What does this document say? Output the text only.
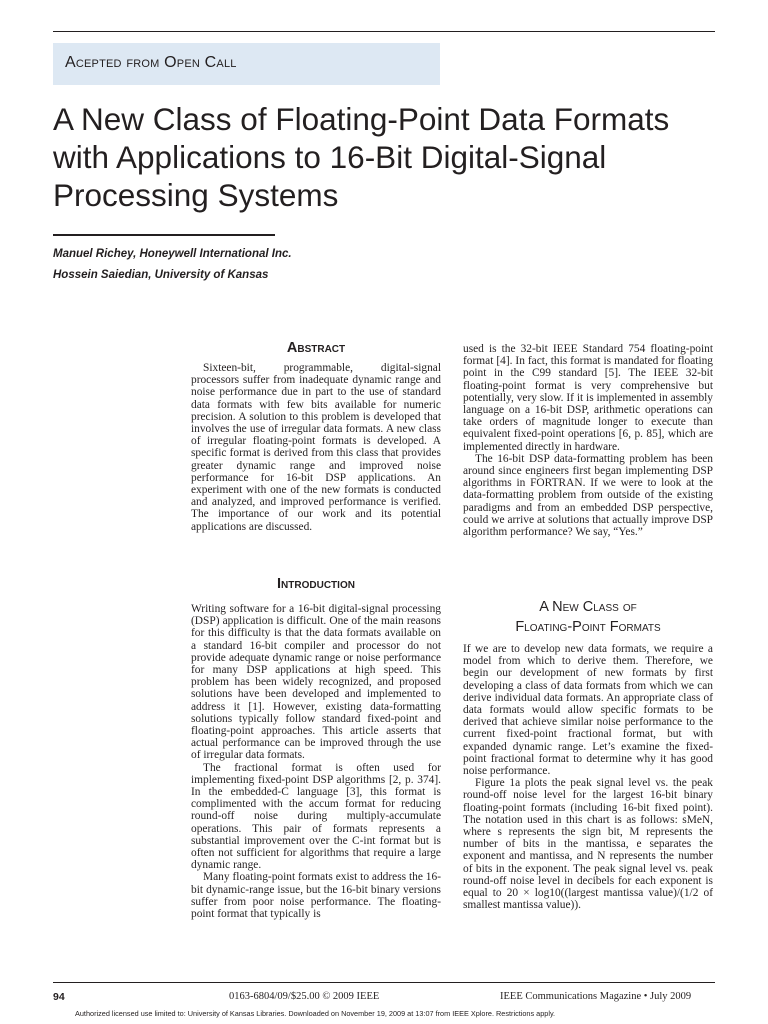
Acepted from Open Call
A New Class of Floating-Point Data Formats with Applications to 16-Bit Digital-Signal Processing Systems
Manuel Richey, Honeywell International Inc.
Hossein Saiedian, University of Kansas
Abstract

Sixteen-bit, programmable, digital-signal processors suffer from inadequate dynamic range and noise performance due in part to the use of standard data formats with few bits available for numeric precision. A solution to this problem is developed that involves the use of irregular data formats. A new class of irregular floating-point formats is developed. A specific format is derived from this class that provides greater dynamic range and improved noise performance for 16-bit DSP applications. An experiment with one of the new formats is conducted and analyzed, and improved performance is verified. The importance of our work and its potential applications are discussed.

Introduction

Writing software for a 16-bit digital-signal processing (DSP) application is difficult. One of the main reasons for this difficulty is that the data formats available on a standard 16-bit compiler and processor do not provide adequate dynamic range or noise performance for many DSP applications at high speed. This problem has been widely recognized, and proposed solutions have been developed and implemented to address it [1]. However, existing data-formatting solutions typically follow standard fixed-point and floating-point approaches. This article asserts that actual performance can be improved through the use of irregular data formats.

The fractional format is often used for implementing fixed-point DSP algorithms [2, p. 374]. In the embedded-C language [3], this format is complimented with the accum format for reducing round-off noise during multiply-accumulate operations. This pair of formats represents a substantial improvement over the C-int format but is often not sufficient for algorithms that require a large dynamic range.

Many floating-point formats exist to address the 16-bit dynamic-range issue, but the 16-bit binary versions suffer from poor noise performance. The floating-point format that typically is

used is the 32-bit IEEE Standard 754 floating-point format [4]. In fact, this format is mandated for floating point in the C99 standard [5]. The IEEE 32-bit floating-point format is very comprehensive but potentially, very slow. If it is implemented in assembly language on a 16-bit DSP, arithmetic operations can take orders of magnitude longer to execute than equivalent fixed-point operations [6, p. 85], which are implemented directly in hardware.

The 16-bit DSP data-formatting problem has been around since engineers first began implementing DSP algorithms in FORTRAN. If we were to look at the data-formatting problem from outside of the existing paradigms and from an embedded DSP perspective, could we arrive at solutions that actually improve DSP algorithm performance? We say, “Yes.”

A New Class of
Floating-Point Formats

If we are to develop new data formats, we require a model from which to derive them. Therefore, we begin our development of new formats by first developing a class of data formats from which we can derive individual data formats. An appropriate class of data formats would allow specific formats to be derived that achieve similar noise performance to the current fixed-point fractional format, but with expanded dynamic range. Let’s examine the fixed-point fractional format to determine why it has good noise performance.

Figure 1a plots the peak signal level vs. the peak round-off noise level for the largest 16-bit binary floating-point formats (including 16-bit fixed point). The notation used in this chart is as follows: sMeN, where s represents the sign bit, M represents the number of bits in the mantissa, e separates the exponent and mantissa, and N represents the number of bits in the exponent. The peak signal level vs. peak round-off noise level in decibels for each exponent is equal to 20 × log10((largest mantissa value)/(1/2 of smallest mantissa value)).

94	0163-6804/09/$25.00 © 2009 IEEE	IEEE Communications Magazine • July 2009
Authorized licensed use limited to: University of Kansas Libraries. Downloaded on November 19, 2009 at 13:07 from IEEE Xplore. Restrictions apply.
